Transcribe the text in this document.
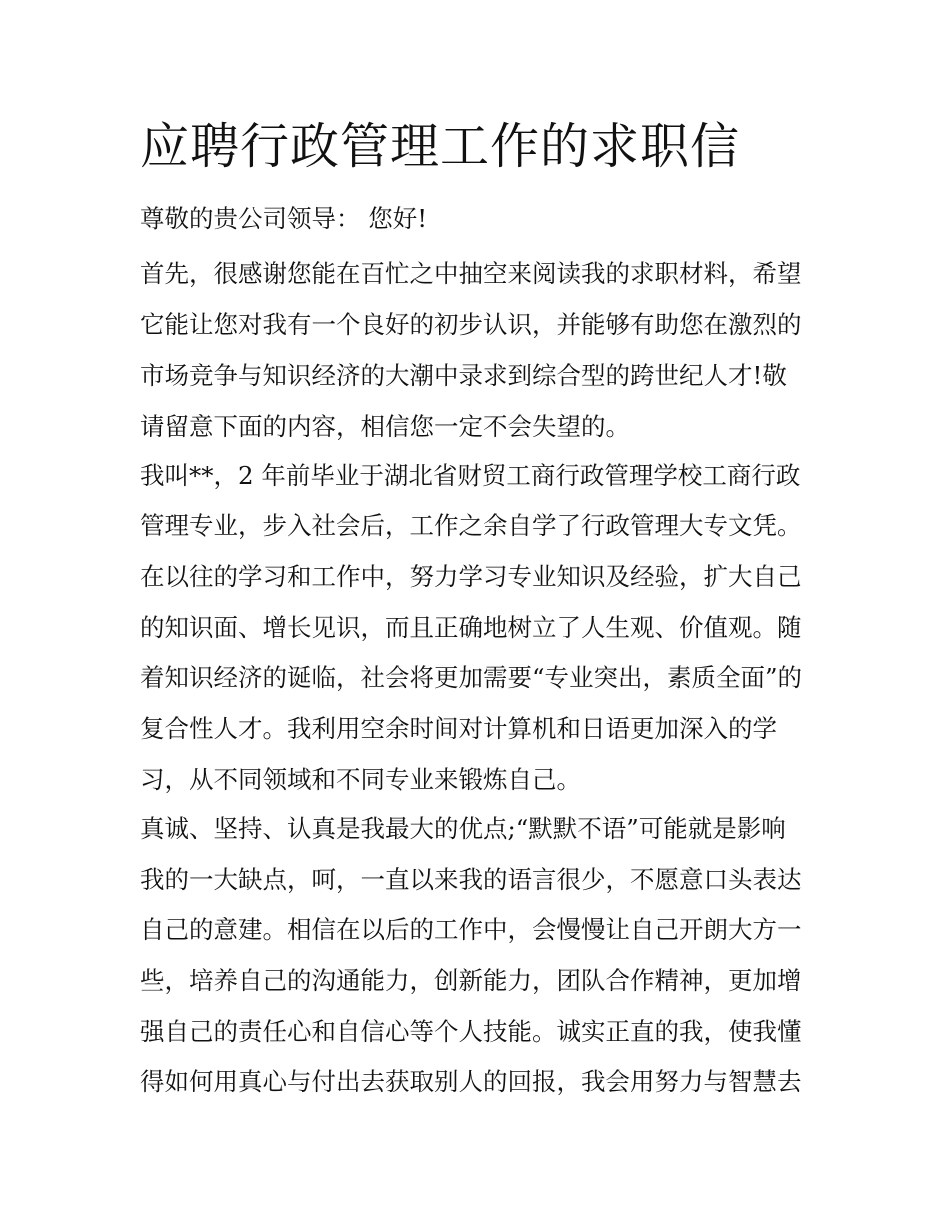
应聘行政管理工作的求职信

尊敬的贵公司领导： 您好!

首先，很感谢您能在百忙之中抽空来阅读我的求职材料，希望

它能让您对我有一个良好的初步认识，并能够有助您在激烈的

市场竞争与知识经济的大潮中录求到综合型的跨世纪人才!敬

请留意下面的内容，相信您一定不会失望的。

我叫**，2 年前毕业于湖北省财贸工商行政管理学校工商行政

管理专业，步入社会后，工作之余自学了行政管理大专文凭。

在以往的学习和工作中，努力学习专业知识及经验，扩大自己

的知识面、增长见识，而且正确地树立了人生观、价值观。随

着知识经济的诞临，社会将更加需要“专业突出，素质全面”的

复合性人才。我利用空余时间对计算机和日语更加深入的学

习，从不同领域和不同专业来锻炼自己。

真诚、坚持、认真是我最大的优点;“默默不语”可能就是影响

我的一大缺点，呵，一直以来我的语言很少，不愿意口头表达

自己的意建。相信在以后的工作中，会慢慢让自己开朗大方一

些，培养自己的沟通能力，创新能力，团队合作精神，更加增

强自己的责任心和自信心等个人技能。诚实正直的我，使我懂

得如何用真心与付出去获取别人的回报，我会用努力与智慧去
